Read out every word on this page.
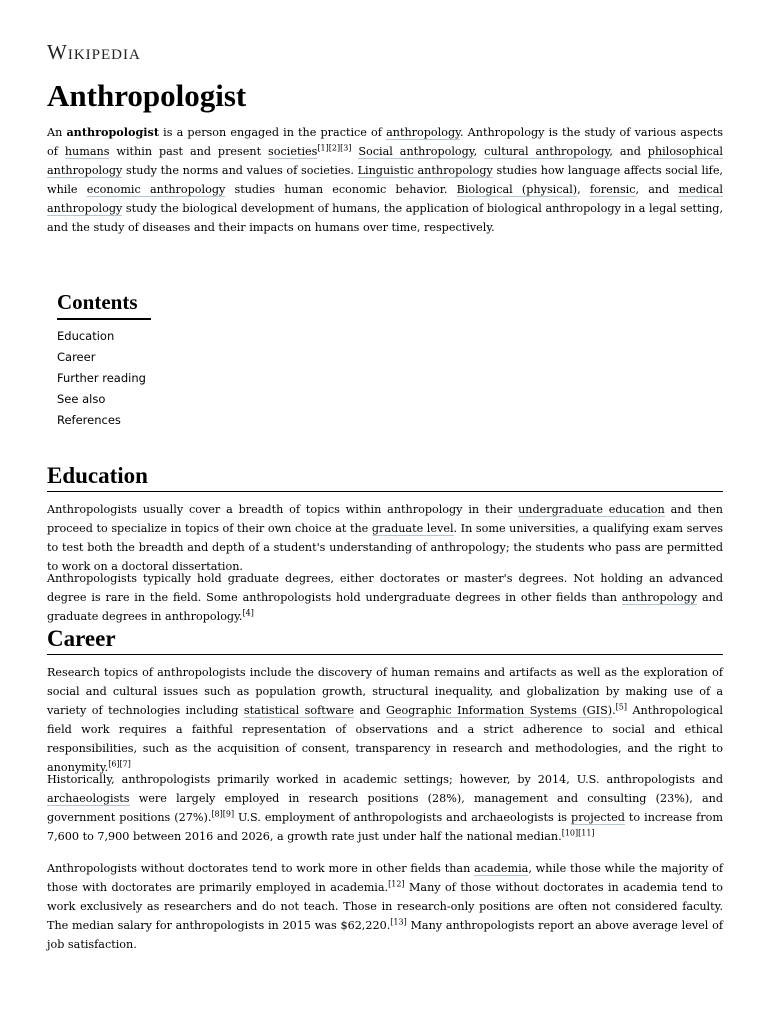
Wikipedia
Anthropologist

An anthropologist is a person engaged in the practice of anthropology. Anthropology is the study of various aspects of humans within past and present societies[1][2][3] Social anthropology, cultural anthropology, and philosophical anthropology study the norms and values of societies. Linguistic anthropology studies how language affects social life, while economic anthropology studies human economic behavior. Biological (physical), forensic, and medical anthropology study the biological development of humans, the application of biological anthropology in a legal setting, and the study of diseases and their impacts on humans over time, respectively.

Contents
Education
Career
Further reading
See also
References
Education

Anthropologists usually cover a breadth of topics within anthropology in their undergraduate education and then proceed to specialize in topics of their own choice at the graduate level. In some universities, a qualifying exam serves to test both the breadth and depth of a student's understanding of anthropology; the students who pass are permitted to work on a doctoral dissertation.

Anthropologists typically hold graduate degrees, either doctorates or master's degrees. Not holding an advanced degree is rare in the field. Some anthropologists hold undergraduate degrees in other fields than anthropology and graduate degrees in anthropology.[4]

Career

Research topics of anthropologists include the discovery of human remains and artifacts as well as the exploration of social and cultural issues such as population growth, structural inequality, and globalization by making use of a variety of technologies including statistical software and Geographic Information Systems (GIS).[5] Anthropological field work requires a faithful representation of observations and a strict adherence to social and ethical responsibilities, such as the acquisition of consent, transparency in research and methodologies, and the right to anonymity.[6][7]

Historically, anthropologists primarily worked in academic settings; however, by 2014, U.S. anthropologists and archaeologists were largely employed in research positions (28%), management and consulting (23%), and government positions (27%).[8][9] U.S. employment of anthropologists and archaeologists is projected to increase from 7,600 to 7,900 between 2016 and 2026, a growth rate just under half the national median.[10][11]

Anthropologists without doctorates tend to work more in other fields than academia, while those while the majority of those with doctorates are primarily employed in academia.[12] Many of those without doctorates in academia tend to work exclusively as researchers and do not teach. Those in research-only positions are often not considered faculty. The median salary for anthropologists in 2015 was $62,220.[13] Many anthropologists report an above average level of job satisfaction.
